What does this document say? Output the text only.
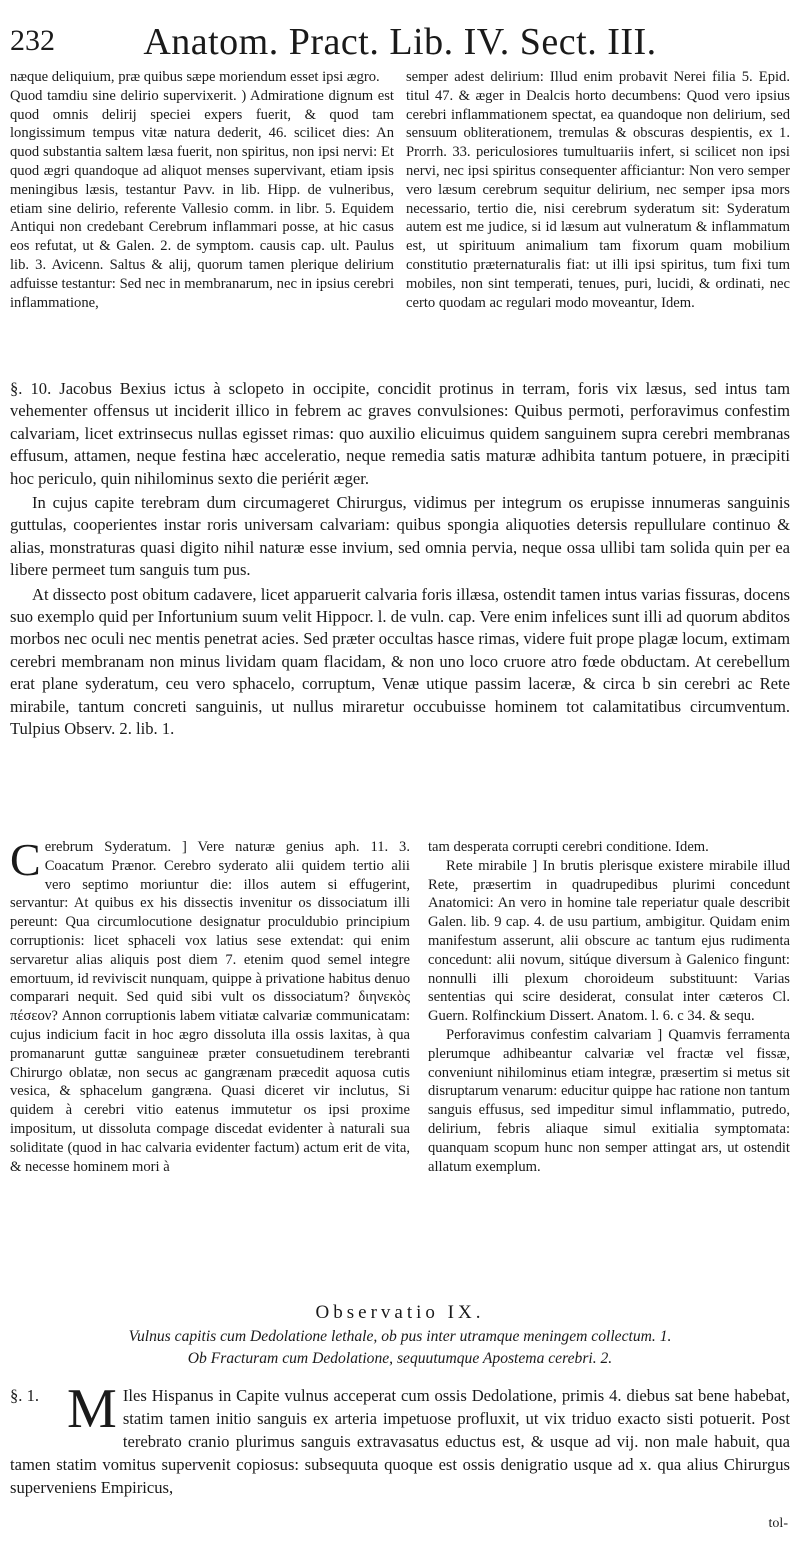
232	Anatom. Pract. Lib. IV. Sect. III.

næque deliquium, præ quibus sæpe moriendum esset ipsi ægro.

Quod tamdiu sine delirio supervixerit. ) Admiratione dignum est quod omnis delirij speciei expers fuerit, & quod tam longissimum tempus vitæ natura dederit, 46. scilicet dies: An quod substantia saltem læsa fuerit, non spiritus, non ipsi nervi: Et quod ægri quandoque ad aliquot menses supervivant, etiam ipsis meningibus læsis, testantur Pavv. in lib. Hipp. de vulneribus, etiam sine delirio, referente Vallesio comm. in libr. 5. Equidem Antiqui non credebant Cerebrum inflammari posse, at hic casus eos refutat, ut & Galen. 2. de symptom. causis cap. ult. Paulus lib. 3. Avicenn. Saltus & alij, quorum tamen plerique delirium adfuisse testantur: Sed nec in membranarum, nec in ipsius cerebri inflammatione,

semper adest delirium: Illud enim probavit Nerei filia 5. Epid. titul 47. & æger in Dealcis horto decumbens: Quod vero ipsius cerebri inflammationem spectat, ea quandoque non delirium, sed sensuum obliterationem, tremulas & obscuras despientis, ex 1. Prorrh. 33. periculosiores tumultuariis infert, si scilicet non ipsi nervi, nec ipsi spiritus consequenter afficiantur: Non vero semper vero læsum cerebrum sequitur delirium, nec semper ipsa mors necessario, tertio die, nisi cerebrum syderatum sit: Syderatum autem est me judice, si id læsum aut vulneratum & inflammatum est, ut spirituum animalium tam fixorum quam mobilium constitutio præternaturalis fiat: ut illi ipsi spiritus, tum fixi tum mobiles, non sint temperati, tenues, puri, lucidi, & ordinati, nec certo quodam ac regulari modo moveantur, Idem.

§. 10. Jacobus Bexius ictus à sclopeto in occipite, concidit protinus in terram, foris vix læsus, sed intus tam vehementer offensus ut inciderit illico in febrem ac graves convulsiones: Quibus permoti, perforavimus confestim calvariam, licet extrinsecus nullas egisset rimas: quo auxilio elicuimus quidem sanguinem supra cerebri membranas effusum, attamen, neque festina hæc acceleratio, neque remedia satis maturæ adhibita tantum potuere, in præcipiti hoc periculo, quin nihilominus sexto die periérit æger.

In cujus capite terebram dum circumageret Chirurgus, vidimus per integrum os erupisse innumeras sanguinis guttulas, cooperientes instar roris universam calvariam: quibus spongia aliquoties detersis repullulare continuo & alias, monstraturas quasi digito nihil naturæ esse invium, sed omnia pervia, neque ossa ullibi tam solida quin per ea libere permeet tum sanguis tum pus.

At dissecto post obitum cadavere, licet apparuerit calvaria foris illæsa, ostendit tamen intus varias fissuras, docens suo exemplo quid per Infortunium suum velit Hippocr. l. de vuln. cap. Vere enim infelices sunt illi ad quorum abditos morbos nec oculi nec mentis penetrat acies. Sed præter occultas hasce rimas, videre fuit prope plagæ locum, extimam cerebri membranam non minus lividam quam flacidam, & non uno loco cruore atro fœde obductam. At cerebellum erat plane syderatum, ceu vero sphacelo, corruptum, Venæ utique passim laceræ, & circa b sin cerebri ac Rete mirabile, tantum concreti sanguinis, ut nullus miraretur occubuisse hominem tot calamitatibus circumventum. Tulpius Observ. 2. lib. 1.

Cerebrum Syderatum. ] Vere naturæ genius aph. 11. 3. Coacatum Prænor. Cerebro syderato alii quidem tertio alii vero septimo moriuntur die: illos autem si effugerint, servantur: At quibus ex his dissectis invenitur os dissociatum illi pereunt: Qua circumlocutione designatur proculdubio principium corruptionis: licet sphaceli vox latius sese extendat: qui enim servaretur alias aliquis post diem 7. etenim quod semel integre emortuum, id reviviscit nunquam, quippe à privatione habitus denuo comparari nequit. Sed quid sibi vult os dissociatum? διηνεκὸς πέσεον? Annon corruptionis labem vitiatæ calvariæ communicatam: cujus indicium facit in hoc ægro dissoluta illa ossis laxitas, à qua promanarunt guttæ sanguineæ præter consuetudinem terebranti Chirurgo oblatæ, non secus ac gangrænam præcedit aquosa cutis vesica, & sphacelum gangræna. Quasi diceret vir inclutus, Si quidem à cerebri vitio eatenus immutetur os ipsi proxime impositum, ut dissoluta compage discedat evidenter à naturali sua soliditate (quod in hac calvaria evidenter factum) actum erit de vita, & necesse hominem mori à

tam desperata corrupti cerebri conditione. Idem.

Rete mirabile ] In brutis plerisque existere mirabile illud Rete, præsertim in quadrupedibus plurimi concedunt Anatomici: An vero in homine tale reperiatur quale describit Galen. lib. 9 cap. 4. de usu partium, ambigitur. Quidam enim manifestum asserunt, alii obscure ac tantum ejus rudimenta concedunt: alii novum, sitúque diversum à Galenico fingunt: nonnulli illi plexum choroideum substituunt: Varias sententias qui scire desiderat, consulat inter cæteros Cl. Guern. Rolfinckium Dissert. Anatom. l. 6. c 34. & sequ.

Perforavimus confestim calvariam ] Quamvis ferramenta plerumque adhibeantur calvariæ vel fractæ vel fissæ, conveniunt nihilominus etiam integræ, præsertim si metus sit disruptarum venarum: educitur quippe hac ratione non tantum sanguis effusus, sed impeditur simul inflammatio, putredo, delirium, febris aliaque simul exitialia symptomata: quanquam scopum hunc non semper attingat ars, ut ostendit allatum exemplum.

Observatio IX.
Vulnus capitis cum Dedolatione lethale, ob pus inter utramque meningem collectum. 1.
Ob Fracturam cum Dedolatione, sequutumque Apostema cerebri. 2.

§. 1. M Iles Hispanus in Capite vulnus acceperat cum ossis Dedolatione, primis 4. diebus sat bene habebat, statim tamen initio sanguis ex arteria impetuose profluxit, ut vix triduo exacto sisti potuerit. Post terebrato cranio plurimus sanguis extravasatus eductus est, & usque ad vij. non male habuit, qua tamen statim vomitus supervenit copiosus: subsequuta quoque est ossis denigratio usque ad x. qua alius Chirurgus superveniens Empiricus,

tol-
